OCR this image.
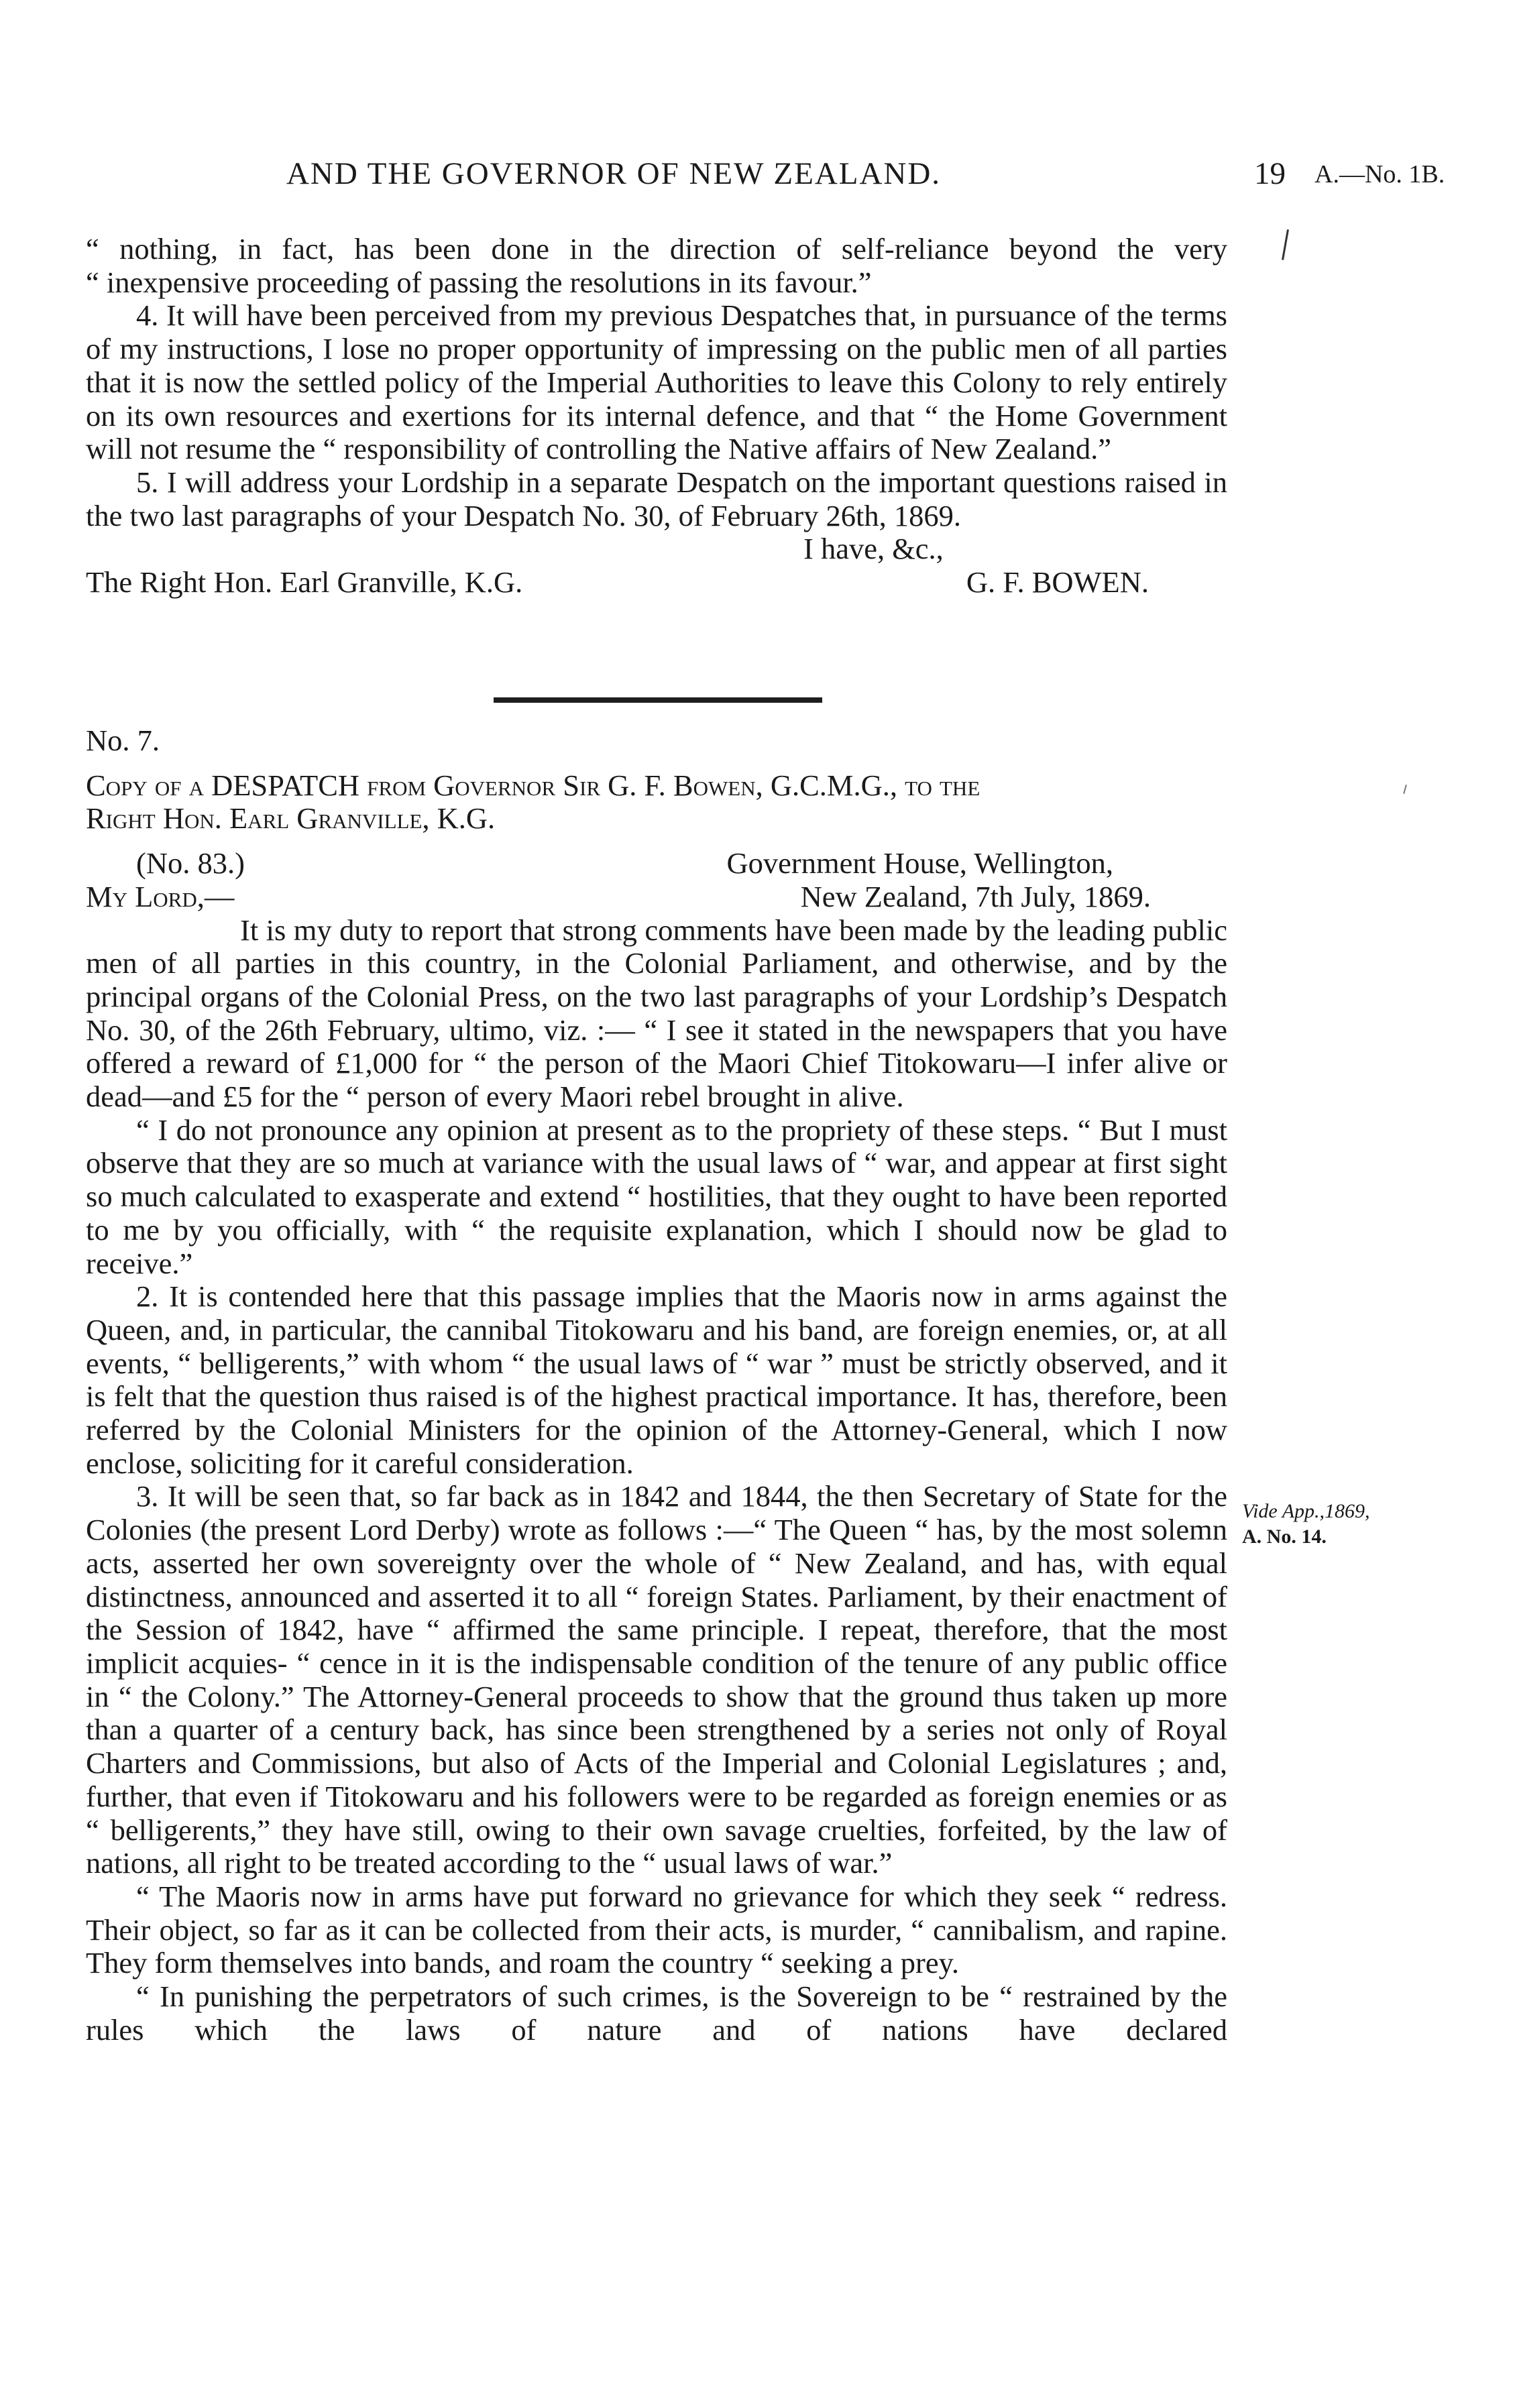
AND THE GOVERNOR OF NEW ZEALAND.	19 A.—No. 1B.

“ nothing, in fact, has been done in the direction of self-reliance beyond the very

“ inexpensive proceeding of passing the resolutions in its favour.”

4. It will have been perceived from my previous Despatches that, in pursuance of the terms of my instructions, I lose no proper opportunity of impressing on the public men of all parties that it is now the settled policy of the Imperial Authorities to leave this Colony to rely entirely on its own resources and exertions for its internal defence, and that “ the Home Government will not resume the “ responsibility of controlling the Native affairs of New Zealand.”

5. I will address your Lordship in a separate Despatch on the important questions raised in the two last paragraphs of your Despatch No. 30, of February 26th, 1869.

I have, &c.,

The Right Hon. Earl Granville, K.G.	G. F. BOWEN.

No. 7.

Copy of a DESPATCH from Governor Sir G. F. Bowen, G.C.M.G., to the

Right Hon. Earl Granville, K.G.

(No. 83.)	Government House, Wellington,
My Lord,—	New Zealand, 7th July, 1869.

It is my duty to report that strong comments have been made by the leading public men of all parties in this country, in the Colonial Parliament, and otherwise, and by the principal organs of the Colonial Press, on the two last paragraphs of your Lordship’s Despatch No. 30, of the 26th February, ultimo, viz. :— “ I see it stated in the newspapers that you have offered a reward of £1,000 for “ the person of the Maori Chief Titokowaru—I infer alive or dead—and £5 for the “ person of every Maori rebel brought in alive.

“ I do not pronounce any opinion at present as to the propriety of these steps. “ But I must observe that they are so much at variance with the usual laws of “ war, and appear at first sight so much calculated to exasperate and extend “ hostilities, that they ought to have been reported to me by you officially, with “ the requisite explanation, which I should now be glad to receive.”

2. It is contended here that this passage implies that the Maoris now in arms against the Queen, and, in particular, the cannibal Titokowaru and his band, are foreign enemies, or, at all events, “ belligerents,” with whom “ the usual laws of “ war ” must be strictly observed, and it is felt that the question thus raised is of the highest practical importance. It has, therefore, been referred by the Colonial Ministers for the opinion of the Attorney-General, which I now enclose, soliciting for it careful consideration.

3. It will be seen that, so far back as in 1842 and 1844, the then Secretary of State for the Colonies (the present Lord Derby) wrote as follows :—“ The Queen “ has, by the most solemn acts, asserted her own sovereignty over the whole of “ New Zealand, and has, with equal distinctness, announced and asserted it to all “ foreign States. Parliament, by their enactment of the Session of 1842, have “ affirmed the same principle. I repeat, therefore, that the most implicit acquies- “ cence in it is the indispensable condition of the tenure of any public office in “ the Colony.” The Attorney-General proceeds to show that the ground thus taken up more than a quarter of a century back, has since been strengthened by a series not only of Royal Charters and Commissions, but also of Acts of the Imperial and Colonial Legislatures ; and, further, that even if Titokowaru and his followers were to be regarded as foreign enemies or as “ belligerents,” they have still, owing to their own savage cruelties, forfeited, by the law of nations, all right to be treated according to the “ usual laws of war.”

“ The Maoris now in arms have put forward no grievance for which they seek “ redress. Their object, so far as it can be collected from their acts, is murder, “ cannibalism, and rapine. They form themselves into bands, and roam the country “ seeking a prey.

“ In punishing the perpetrators of such crimes, is the Sovereign to be “ restrained by the rules which the laws of nature and of nations have declared

Vide App.,1869,
A. No. 14.
